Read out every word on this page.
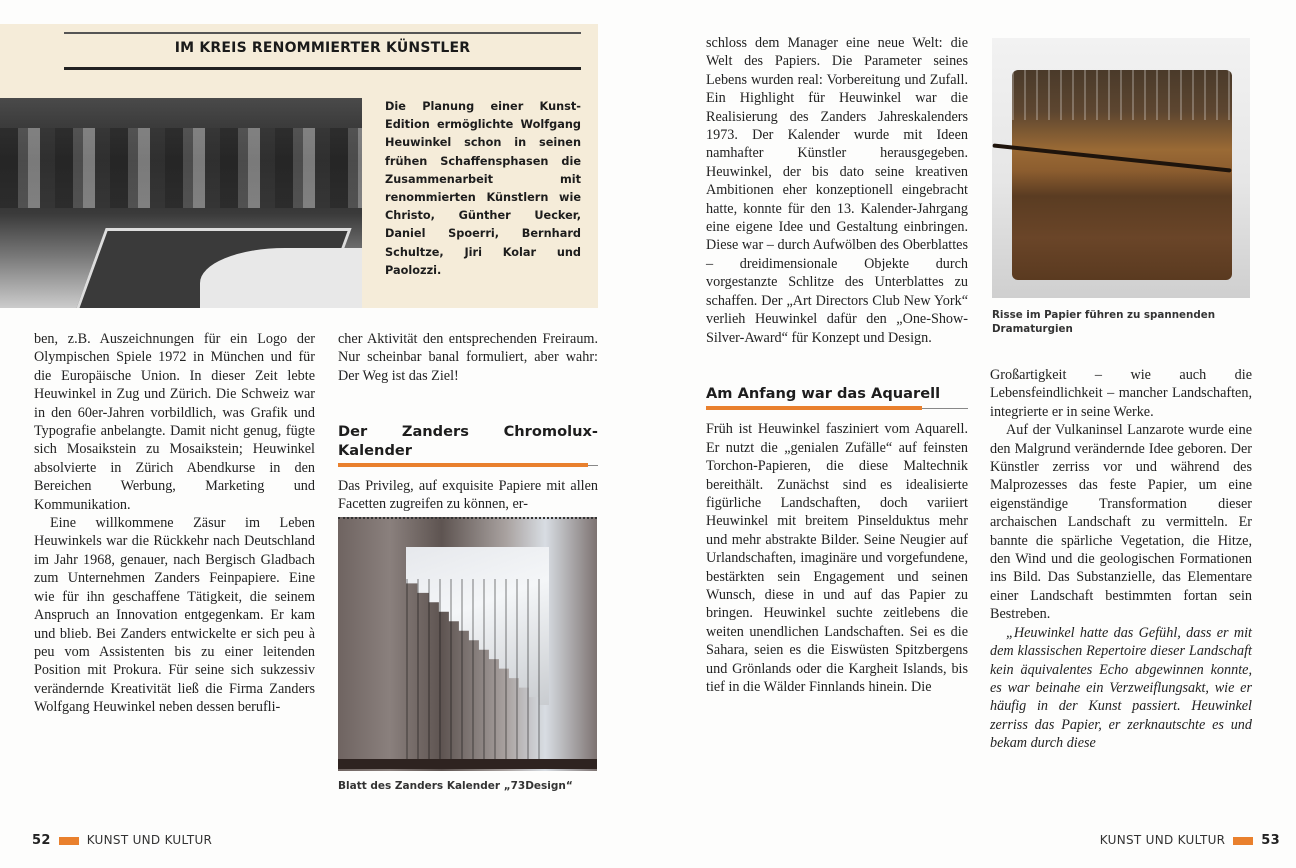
IM KREIS RENOMMIERTER KÜNSTLER
Die Planung einer Kunst-Edition ermöglichte Wolfgang Heuwinkel schon in seinen frühen Schaffensphasen die Zusammenarbeit mit renommierten Künstlern wie Christo, Günther Uecker, Daniel Spoerri, Bernhard Schultze, Jiri Kolar und Paolozzi.

ben, z.B. Auszeichnungen für ein Logo der Olympischen Spiele 1972 in München und für die Europäische Union. In dieser Zeit lebte Heuwinkel in Zug und Zürich. Die Schweiz war in den 60er-Jahren vorbildlich, was Grafik und Typografie anbelangte. Damit nicht genug, fügte sich Mosaikstein zu Mosaikstein; Heuwinkel absolvierte in Zürich Abendkurse in den Bereichen Werbung, Marketing und Kommunikation.

Eine willkommene Zäsur im Leben Heuwinkels war die Rückkehr nach Deutschland im Jahr 1968, genauer, nach Bergisch Gladbach zum Unternehmen Zanders Feinpapiere. Eine wie für ihn geschaffene Tätigkeit, die seinem Anspruch an Innovation entgegenkam. Er kam und blieb. Bei Zanders entwickelte er sich peu à peu vom Assistenten bis zu einer leitenden Position mit Prokura. Für seine sich sukzessiv verändernde Kreativität ließ die Firma Zanders Wolfgang Heuwinkel neben dessen berufli-

cher Aktivität den entsprechenden Freiraum. Nur scheinbar banal formuliert, aber wahr: Der Weg ist das Ziel!

Der Zanders Chromolux-Kalender

Das Privileg, auf exquisite Papiere mit allen Facetten zugreifen zu können, er-

Blatt des Zanders Kalender „73Design“
52	KUNST UND KULTUR

schloss dem Manager eine neue Welt: die Welt des Papiers. Die Parameter seines Lebens wurden real: Vorbereitung und Zufall. Ein Highlight für Heuwinkel war die Realisierung des Zanders Jahreskalenders 1973. Der Kalender wurde mit Ideen namhafter Künstler herausgegeben. Heuwinkel, der bis dato seine kreativen Ambitionen eher konzeptionell eingebracht hatte, konnte für den 13. Kalender-Jahrgang eine eigene Idee und Gestaltung einbringen. Diese war – durch Aufwölben des Oberblattes – dreidimensionale Objekte durch vorgestanzte Schlitze des Unterblattes zu schaffen. Der „Art Directors Club New York“ verlieh Heuwinkel dafür den „One-Show-Silver-Award“ für Konzept und Design.

Am Anfang war das Aquarell

Früh ist Heuwinkel fasziniert vom Aquarell. Er nutzt die „genialen Zufälle“ auf feinsten Torchon-Papieren, die diese Maltechnik bereithält. Zunächst sind es idealisierte figürliche Landschaften, doch variiert Heuwinkel mit breitem Pinselduktus mehr und mehr abstrakte Bilder. Seine Neugier auf Urlandschaften, imaginäre und vorgefundene, bestärkten sein Engagement und seinen Wunsch, diese in und auf das Papier zu bringen. Heuwinkel suchte zeitlebens die weiten unendlichen Landschaften. Sei es die Sahara, seien es die Eiswüsten Spitzbergens und Grönlands oder die Kargheit Islands, bis tief in die Wälder Finnlands hinein. Die

Risse im Papier führen zu spannenden Dramaturgien

Großartigkeit – wie auch die Lebensfeindlichkeit – mancher Landschaften, integrierte er in seine Werke.

Auf der Vulkaninsel Lanzarote wurde eine den Malgrund verändernde Idee geboren. Der Künstler zerriss vor und während des Malprozesses das feste Papier, um eine eigenständige Transformation dieser archaischen Landschaft zu vermitteln. Er bannte die spärliche Vegetation, die Hitze, den Wind und die geologischen Formationen ins Bild. Das Substanzielle, das Elementare einer Landschaft bestimmten fortan sein Bestreben.

„Heuwinkel hatte das Gefühl, dass er mit dem klassischen Repertoire dieser Landschaft kein äquivalentes Echo abgewinnen konnte, es war beinahe ein Verzweiflungsakt, wie er häufig in der Kunst passiert. Heuwinkel zerriss das Papier, er zerknautschte es und bekam durch diese

KUNST UND KULTUR	53
